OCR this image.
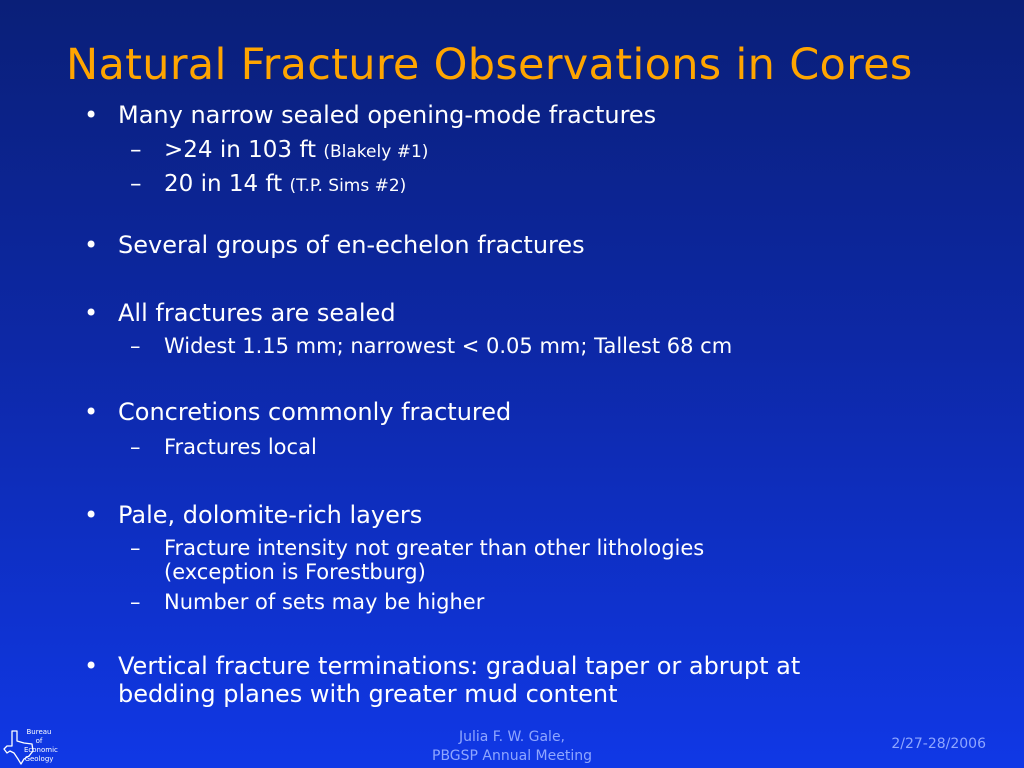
Natural Fracture Observations in Cores
• Many narrow sealed opening-mode fractures
– >24 in 103 ft (Blakely #1)
– 20 in 14 ft (T.P. Sims #2)
• Several groups of en-echelon fractures
• All fractures are sealed
– Widest 1.15 mm; narrowest < 0.05 mm; Tallest 68 cm
• Concretions commonly fractured
– Fractures local
• Pale, dolomite-rich layers
– Fracture intensity not greater than other lithologies
(exception is Forestburg)
– Number of sets may be higher
• Vertical fracture terminations: gradual taper or abrupt at
bedding planes with greater mud content
Bureau
of
Economic
Geology
Julia F. W. Gale,
PBGSP Annual Meeting
2/27-28/2006
